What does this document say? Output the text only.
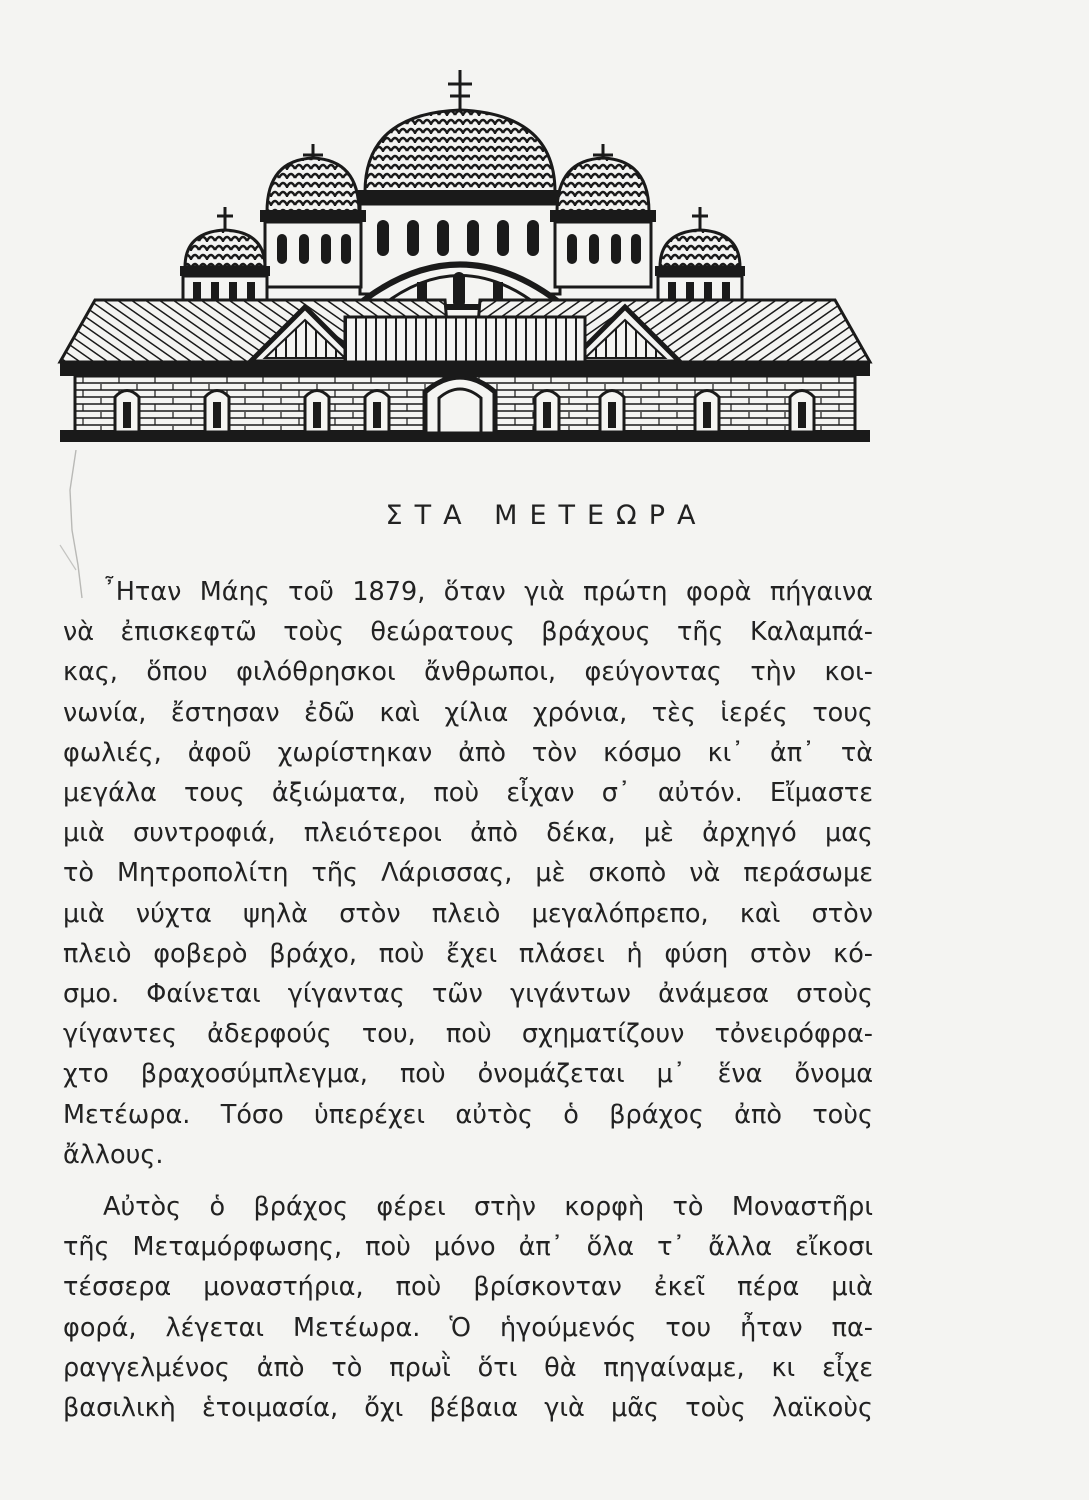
ΣΤΑ ΜΕΤΕΩΡΑ

῏Ηταν Μάης τοῦ 1879, ὅταν γιὰ πρώτη φορὰ πήγαινα
νὰ ἐπισκεφτῶ τοὺς θεώρατους βράχους τῆς Καλαμπά-
κας, ὅπου φιλόθρησκοι ἄνθρωποι, φεύγοντας τὴν κοι-
νωνία, ἔστησαν ἐδῶ καὶ χίλια χρόνια, τὲς ἱερές τους
φωλιές, ἀφοῦ χωρίστηκαν ἀπὸ τὸν κόσμο κι᾿ ἀπ᾿ τὰ
μεγάλα τους ἀξιώματα, ποὺ εἶχαν σ᾿ αὐτόν. Εἴμαστε
μιὰ συντροφιά, πλειότεροι ἀπὸ δέκα, μὲ ἀρχηγό μας
τὸ Μητροπολίτη τῆς Λάρισσας, μὲ σκοπὸ νὰ περάσωμε
μιὰ νύχτα ψηλὰ στὸν πλειὸ μεγαλόπρεπο, καὶ στὸν
πλειὸ φοβερὸ βράχο, ποὺ ἔχει πλάσει ἡ φύση στὸν κό-
σμο. Φαίνεται γίγαντας τῶν γιγάντων ἀνάμεσα στοὺς
γίγαντες ἀδερφούς του, ποὺ σχηματίζουν τὀνειρόφρα-
χτο βραχοσύμπλεγμα, ποὺ ὀνομάζεται μ᾿ ἕνα ὄνομα
Μετέωρα. Τόσο ὑπερέχει αὐτὸς ὁ βράχος ἀπὸ τοὺς
ἄλλους.

Αὐτὸς ὁ βράχος φέρει στὴν κορφὴ τὸ Μοναστῆρι
τῆς Μεταμόρφωσης, ποὺ μόνο ἀπ᾿ ὅλα τ᾿ ἄλλα εἴκοσι
τέσσερα μοναστήρια, ποὺ βρίσκονταν ἐκεῖ πέρα μιὰ
φορά, λέγεται Μετέωρα. Ὁ ἡγούμενός του ἦταν πα-
ραγγελμένος ἀπὸ τὸ πρωῒ ὅτι θὰ πηγαίναμε, κι εἶχε
βασιλικὴ ἑτοιμασία, ὄχι βέβαια γιὰ μᾶς τοὺς λαϊκοὺς
